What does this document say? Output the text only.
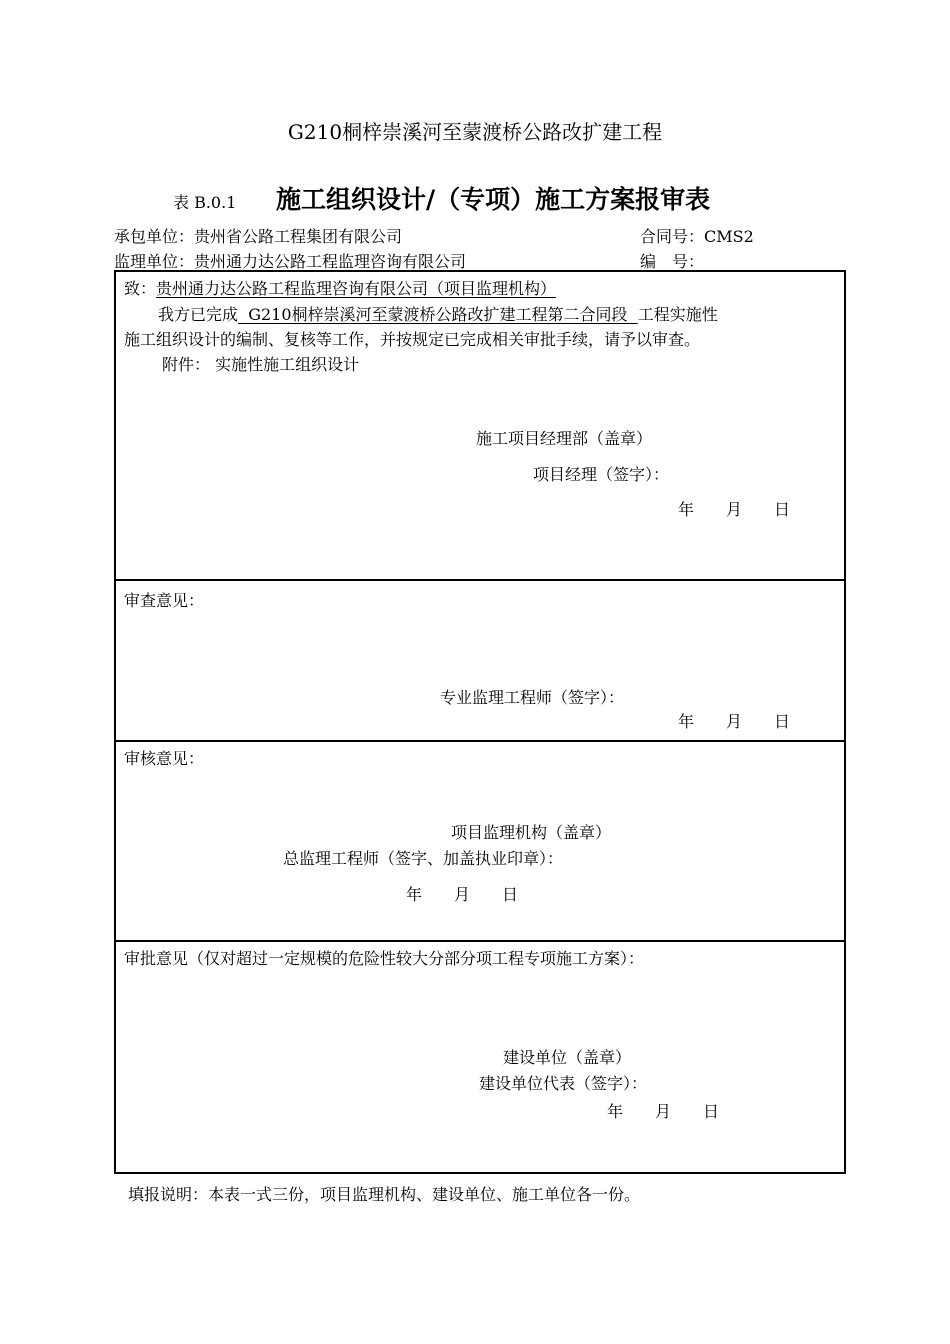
G210桐梓崇溪河至蒙渡桥公路改扩建工程
表 B.0.1 施工组织设计/（专项）施工方案报审表
承包单位：贵州省公路工程集团有限公司	合同号：CMS2
监理单位：贵州通力达公路工程监理咨询有限公司	编　号：
致：贵州通力达公路工程监理咨询有限公司（项目监理机构）
我方已完成  G210桐梓崇溪河至蒙渡桥公路改扩建工程第二合同段  工程实施性
施工组织设计的编制、复核等工作，并按规定已完成相关审批手续，请予以审查。
附件： 实施性施工组织设计
施工项目经理部（盖章）
项目经理（签字）：
年　　月　　日
审查意见：
专业监理工程师（签字）：
年　　月　　日
审核意见：
项目监理机构（盖章）
总监理工程师（签字、加盖执业印章）：
年　　月　　日
审批意见（仅对超过一定规模的危险性较大分部分项工程专项施工方案）：
建设单位（盖章）
建设单位代表（签字）：
年　　月　　日
填报说明：本表一式三份，项目监理机构、建设单位、施工单位各一份。
